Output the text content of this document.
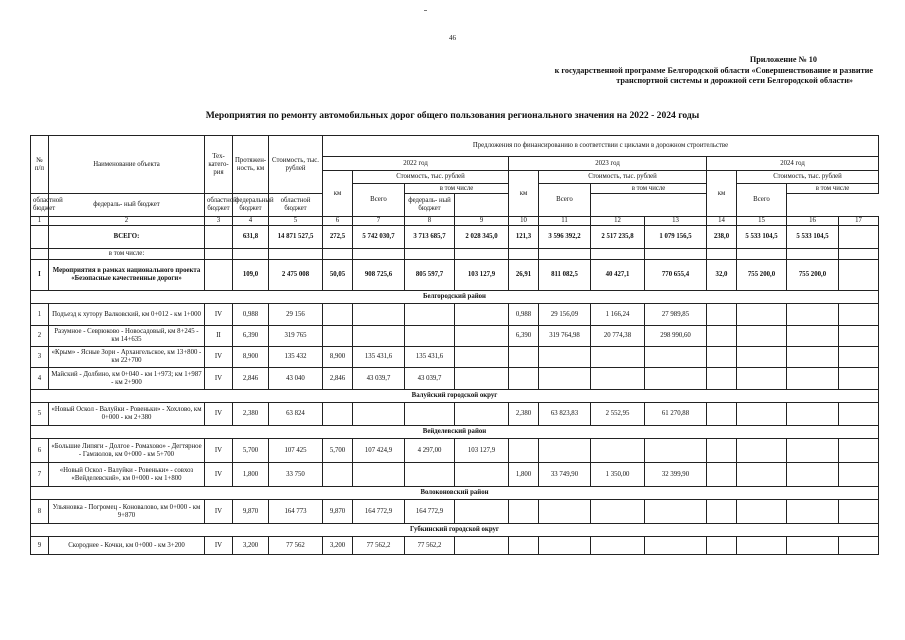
46
Приложение № 10
к государственной программе Белгородской области «Совершенствование и развитие
транспортной системы и дорожной сети Белгородской области»
Мероприятия по ремонту автомобильных дорог общего пользования регионального значения на 2022 - 2024 годы
№ п/п	Наименование объекта	Тех- катего- рия	Протяжен- ность, км	Стоимость, тыс. рублей	Предложения по финансированию в соответствии с циклами в дорожном строительстве											
					2022 год				2023 год				2024 год			
					км	Стоимость, тыс. рублей			км	Стоимость, тыс. рублей			км	Стоимость, тыс. рублей		
						Всего	в том числе			Всего	в том числе			Всего	в том числе	
областной бюджет	федераль- ный бюджет	областной бюджет	федеральный бюджет	областной бюджет			федераль- ный бюджет									
1	2	3	4	5	6	7	8	9	10	11	12	13	14	15	16	17
	ВСЕГО:		631,8	14 871 527,5	272,5	5 742 030,7	3 713 685,7	2 028 345,0	121,3	3 596 392,2	2 517 235,8	1 079 156,5	238,0	5 533 104,5	5 533 104,5	
	в том числе:															
I	Мероприятия в рамках национального проекта «Безопасные качественные дороги»		109,0	2 475 008	50,05	908 725,6	805 597,7	103 127,9	26,91	811 082,5	40 427,1	770 655,4	32,0	755 200,0	755 200,0	
Белгородский район																
1	Подъезд к хутору Валковский, км 0+012 - км 1+000	IV	0,988	29 156					0,988	29 156,09	1 166,24	27 989,85				
2	Разумное - Севрюково - Новосадовый, км 8+245 - км 14+635	II	6,390	319 765					6,390	319 764,98	20 774,38	298 990,60				
3	«Крым» - Ясные Зори - Архангельское, км 13+800 - км 22+700	IV	8,900	135 432	8,900	135 431,6	135 431,6									
4	Майский - Долбино, км 0+040 - км 1+973; км 1+987 - км 2+900	IV	2,846	43 040	2,846	43 039,7	43 039,7									
Валуйский городской округ																
5	«Новый Оскол - Валуйки - Ровеньки» - Хохлово, км 0+000 - км 2+380	IV	2,380	63 824					2,380	63 823,83	2 552,95	61 270,88				
Вейделевский район																
6	«Большие Липяги - Долгое - Ромахово» - Дегтярное - Гамзюлов, км 0+000 - км 5+700	IV	5,700	107 425	5,700	107 424,9	4 297,00	103 127,9								
7	«Новый Оскол - Валуйки - Ровеньки» - совхоз «Вейделевский», км 0+000 - км 1+800	IV	1,800	33 750					1,800	33 749,90	1 350,00	32 399,90				
Волоконовский район																
8	Ульяновка - Погромец - Коновалово, км 0+000 - км 9+870	IV	9,870	164 773	9,870	164 772,9	164 772,9									
Губкинский городской округ																
9	Скороднее - Кочки, км 0+000 - км 3+200	IV	3,200	77 562	3,200	77 562,2	77 562,2									
